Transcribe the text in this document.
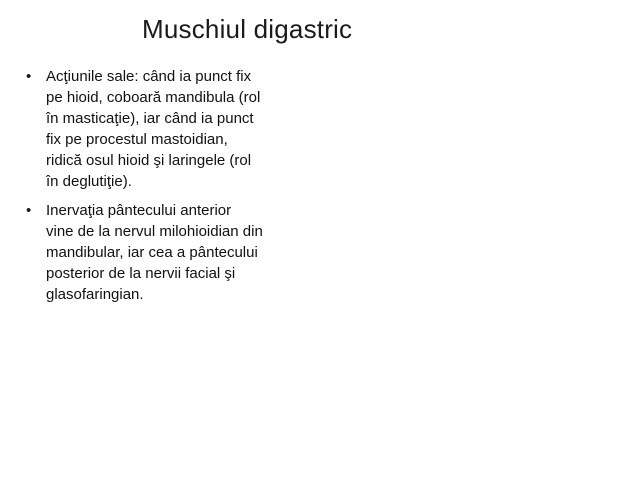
Muschiul digastric
• Acţiunile sale: când ia punct fix
pe hioid, coboară mandibula (rol
în masticaţie), iar când ia punct
fix pe procestul mastoidian,
ridică osul hioid şi laringele (rol
în deglutiţie).
• Inervaţia pântecului anterior
vine de la nervul milohioidian din
mandibular, iar cea a pântecului
posterior de la nervii facial şi
glasofaringian.
